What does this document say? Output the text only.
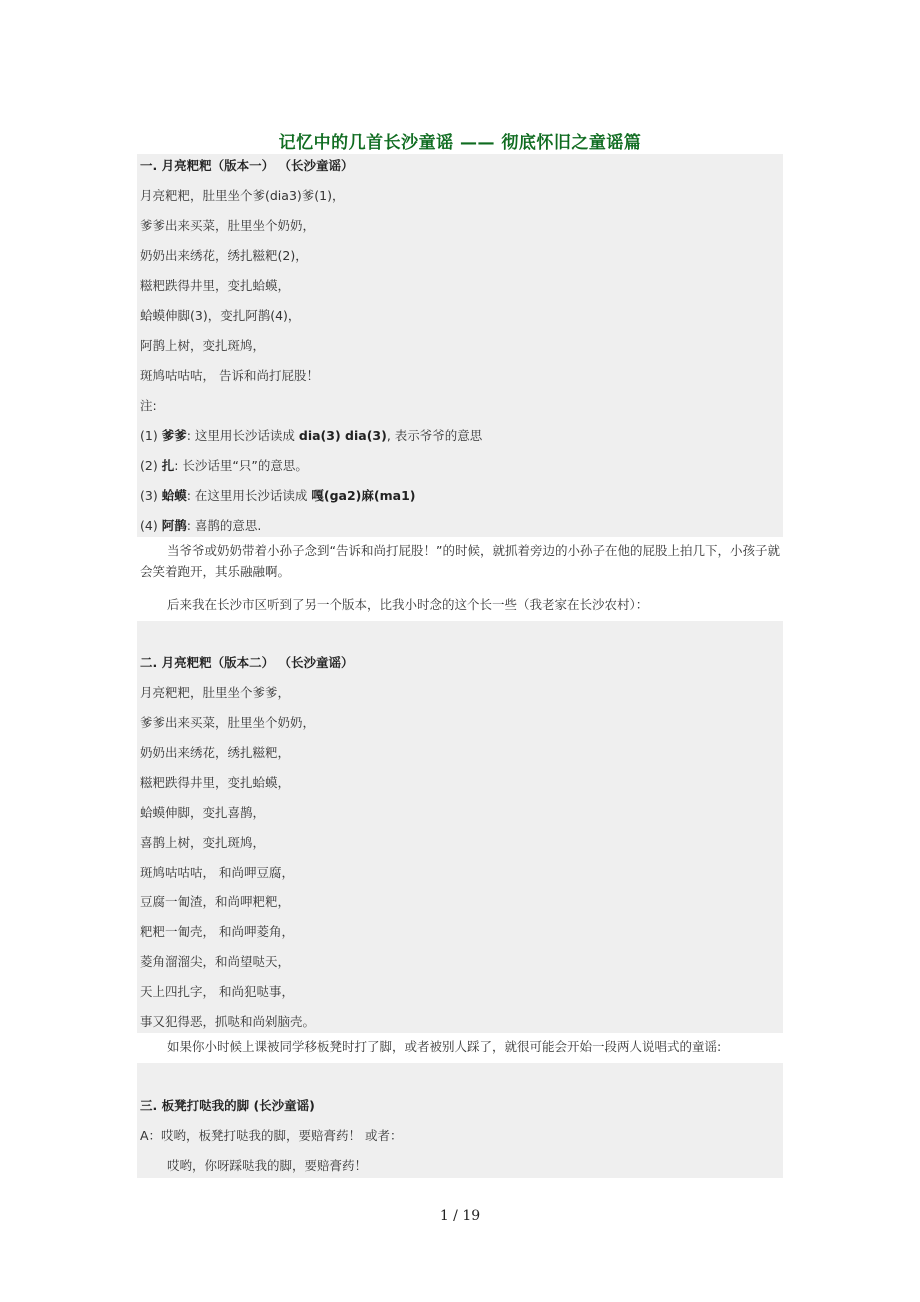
记忆中的几首长沙童谣 —— 彻底怀旧之童谣篇
一. 月亮粑粑（版本一） （长沙童谣）
月亮粑粑，肚里坐个爹(dia3)爹(1)，
爹爹出来买菜，肚里坐个奶奶，
奶奶出来绣花，绣扎糍粑(2)，
糍粑跌得井里，变扎蛤蟆，
蛤蟆伸脚(3)，变扎阿鹊(4)，
阿鹊上树，变扎斑鸠，
斑鸠咕咕咕， 告诉和尚打屁股！
注:
(1) 爹爹: 这里用长沙话读成 dia(3) dia(3), 表示爷爷的意思
(2) 扎: 长沙话里“只”的意思。
(3) 蛤蟆: 在这里用长沙话读成 嘎(ga2)麻(ma1)
(4) 阿鹊: 喜鹊的意思.
当爷爷或奶奶带着小孙子念到“告诉和尚打屁股！”的时候，就抓着旁边的小孙子在他的屁股上拍几下，小孩子就会笑着跑开，其乐融融啊。
后来我在长沙市区听到了另一个版本，比我小时念的这个长一些（我老家在长沙农村）：
二. 月亮粑粑（版本二） （长沙童谣）
月亮粑粑，肚里坐个爹爹，
爹爹出来买菜，肚里坐个奶奶，
奶奶出来绣花，绣扎糍粑，
糍粑跌得井里，变扎蛤蟆，
蛤蟆伸脚，变扎喜鹊，
喜鹊上树，变扎斑鸠，
斑鸠咕咕咕， 和尚呷豆腐，
豆腐一匍渣，和尚呷粑粑，
粑粑一匍壳， 和尚呷菱角，
菱角溜溜尖，和尚望哒天，
天上四扎字， 和尚犯哒事，
事又犯得恶，抓哒和尚剁脑壳。
如果你小时候上课被同学移板凳时打了脚，或者被别人踩了，就很可能会开始一段两人说唱式的童谣:
三. 板凳打哒我的脚 (长沙童谣)
A：哎哟，板凳打哒我的脚，要赔膏药！ 或者：
哎哟，你呀踩哒我的脚，要赔膏药！
1 / 19
